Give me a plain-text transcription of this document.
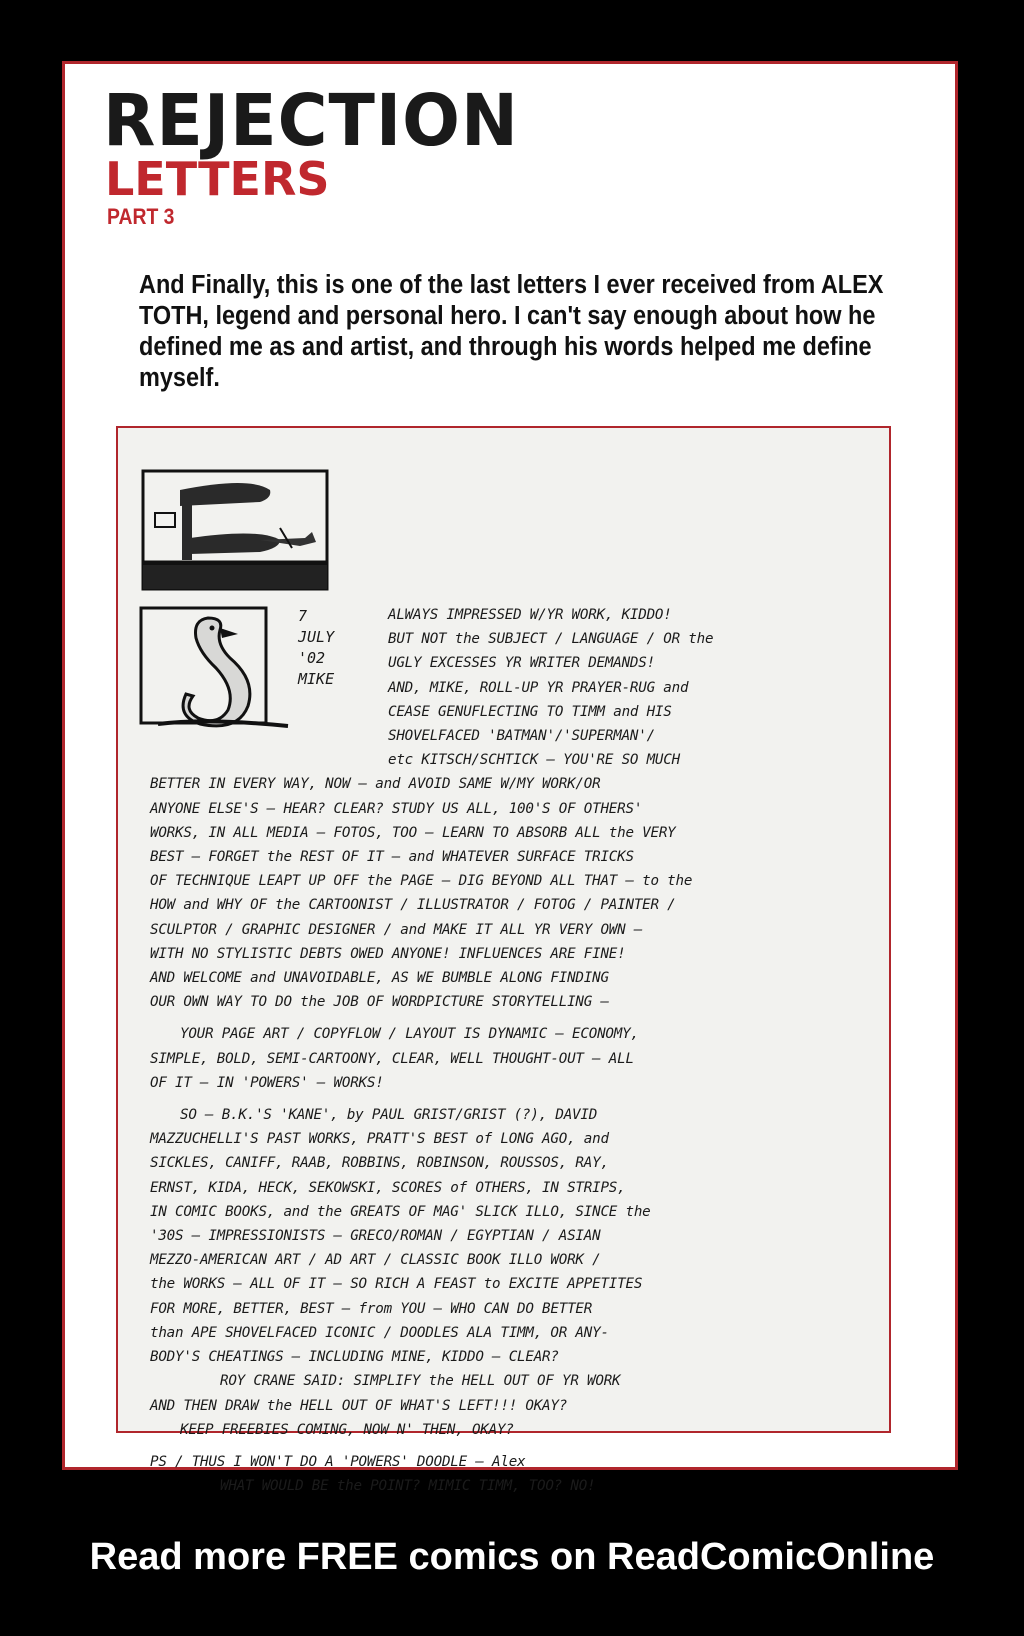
REJECTION
LETTERS
PART 3

And Finally, this is one of the last letters I ever received from ALEX TOTH, legend and personal hero. I can't say enough about how he defined me as and artist, and through his words helped me define myself.

7
JULY
'02
MIKE
ALWAYS IMPRESSED W/YR WORK, KIDDO!
BUT NOT the SUBJECT / LANGUAGE / OR the
UGLY EXCESSES YR WRITER DEMANDS!
AND, MIKE, ROLL-UP YR PRAYER-RUG and
CEASE GENUFLECTING TO TIMM and HIS
SHOVELFACED 'BATMAN'/'SUPERMAN'/
etc KITSCH/SCHTICK — YOU'RE SO MUCH
BETTER IN EVERY WAY, NOW — and AVOID SAME W/MY WORK/OR
ANYONE ELSE'S — HEAR? CLEAR? STUDY US ALL, 100'S OF OTHERS'
WORKS, IN ALL MEDIA — FOTOS, TOO — LEARN TO ABSORB ALL the VERY
BEST — FORGET the REST OF IT — and WHATEVER SURFACE TRICKS
OF TECHNIQUE LEAPT UP OFF the PAGE — DIG BEYOND ALL THAT — to the
HOW and WHY OF the CARTOONIST / ILLUSTRATOR / FOTOG / PAINTER /
SCULPTOR / GRAPHIC DESIGNER / and MAKE IT ALL YR VERY OWN —
WITH NO STYLISTIC DEBTS OWED ANYONE! INFLUENCES ARE FINE!
AND WELCOME and UNAVOIDABLE, AS WE BUMBLE ALONG FINDING
OUR OWN WAY TO DO the JOB OF WORDPICTURE STORYTELLING —
YOUR PAGE ART / COPYFLOW / LAYOUT IS DYNAMIC — ECONOMY,
SIMPLE, BOLD, SEMI-CARTOONY, CLEAR, WELL THOUGHT-OUT — ALL
OF IT — IN 'POWERS' — WORKS!
SO — B.K.'S 'KANE', by PAUL GRIST/GRIST (?), DAVID
MAZZUCHELLI'S PAST WORKS, PRATT'S BEST of LONG AGO, and
SICKLES, CANIFF, RAAB, ROBBINS, ROBINSON, ROUSSOS, RAY,
ERNST, KIDA, HECK, SEKOWSKI, SCORES of OTHERS, IN STRIPS,
IN COMIC BOOKS, and the GREATS OF MAG' SLICK ILLO, SINCE the
'30S — IMPRESSIONISTS — GRECO/ROMAN / EGYPTIAN / ASIAN
MEZZO-AMERICAN ART / AD ART / CLASSIC BOOK ILLO WORK /
the WORKS — ALL OF IT — SO RICH A FEAST to EXCITE APPETITES
FOR MORE, BETTER, BEST — from YOU — WHO CAN DO BETTER
than APE SHOVELFACED ICONIC / DOODLES ALA TIMM, OR ANY-
BODY'S CHEATINGS — INCLUDING MINE, KIDDO — CLEAR?
ROY CRANE SAID: SIMPLIFY the HELL OUT OF YR WORK
AND THEN DRAW the HELL OUT OF WHAT'S LEFT!!! OKAY?
KEEP FREEBIES COMING, NOW N' THEN, OKAY?
PS / THUS I WON'T DO A 'POWERS' DOODLE — Alex
WHAT WOULD BE the POINT? MIMIC TIMM, TOO? NO!
Read more FREE comics on ReadComicOnline
